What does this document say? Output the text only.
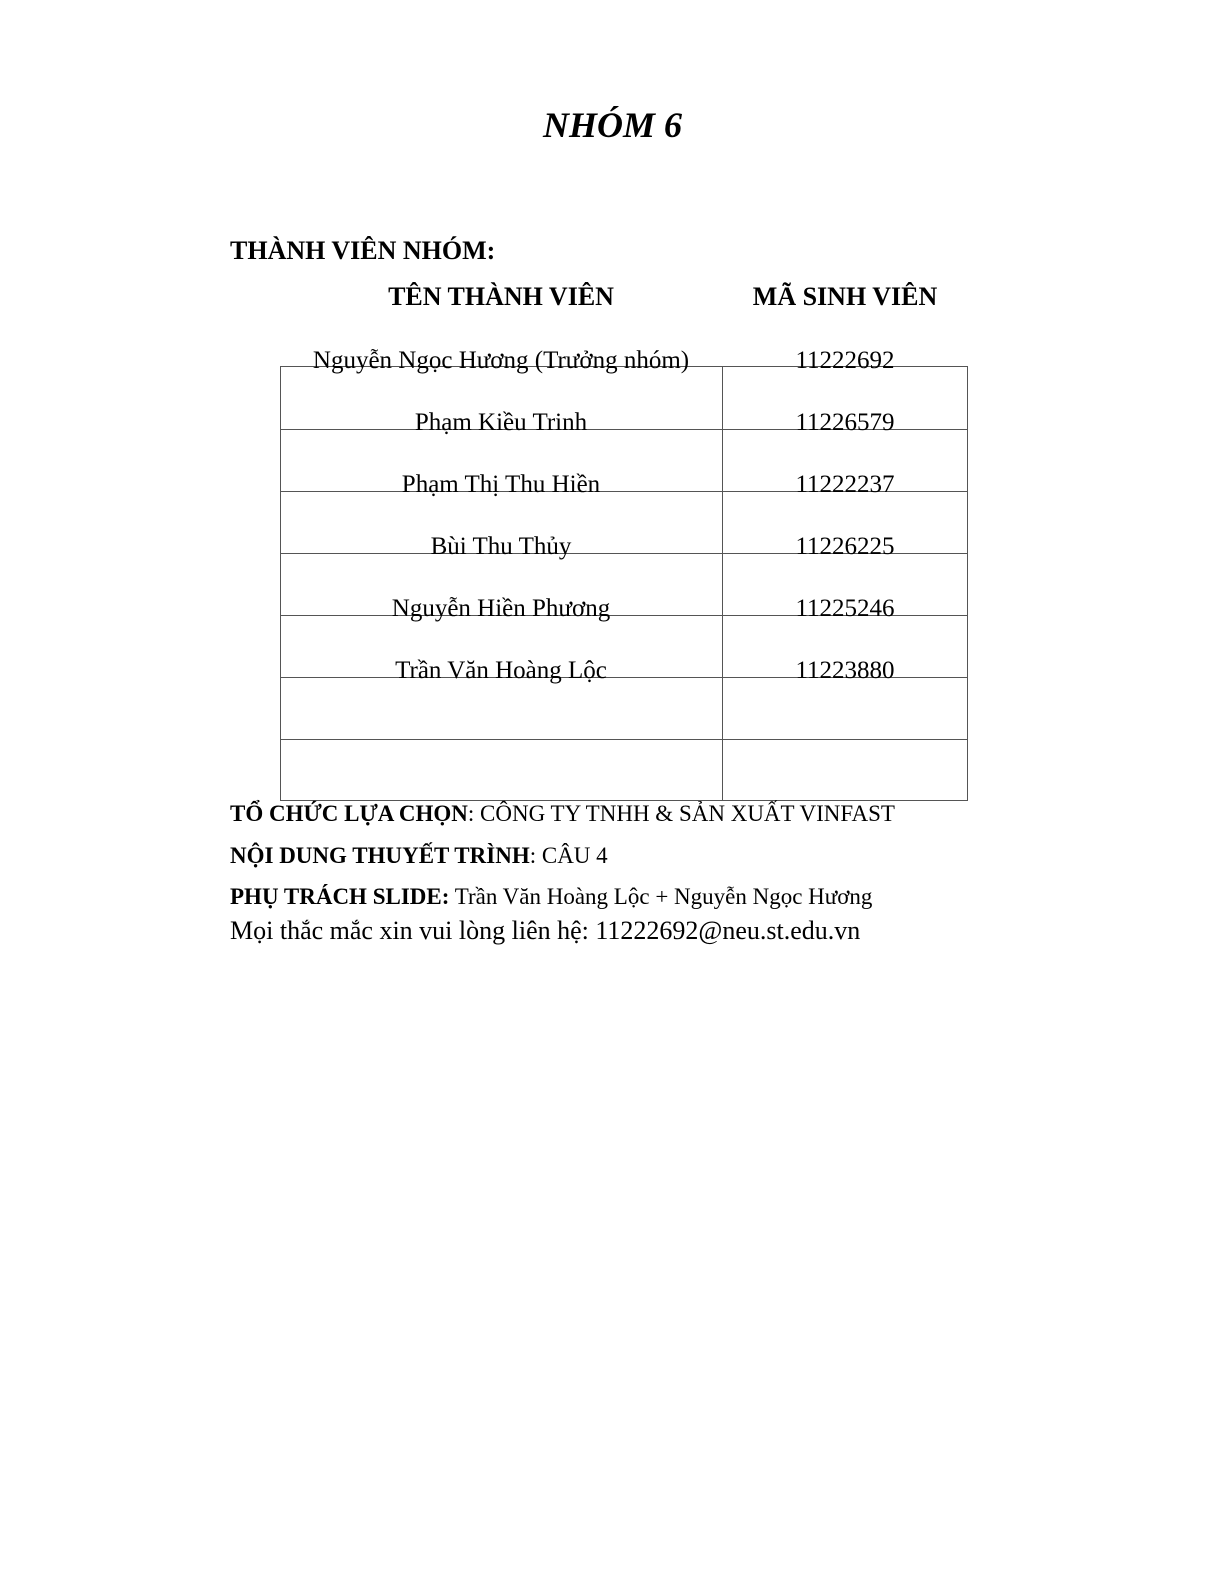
NHÓM 6
THÀNH VIÊN NHÓM:
TÊN THÀNH VIÊN	MÃ SINH VIÊN
Nguyễn Ngọc Hương (Trưởng nhóm)	11222692
Phạm Kiều Trinh	11226579
Phạm Thị Thu Hiền	11222237
Bùi Thu Thủy	11226225
Nguyễn Hiền Phương	11225246
Trần Văn Hoàng Lộc	11223880
TỔ CHỨC LỰA CHỌN: CÔNG TY TNHH & SẢN XUẤT VINFAST
NỘI DUNG THUYẾT TRÌNH: CÂU 4
PHỤ TRÁCH SLIDE: Trần Văn Hoàng Lộc + Nguyễn Ngọc Hương
Mọi thắc mắc xin vui lòng liên hệ: 11222692@neu.st.edu.vn
